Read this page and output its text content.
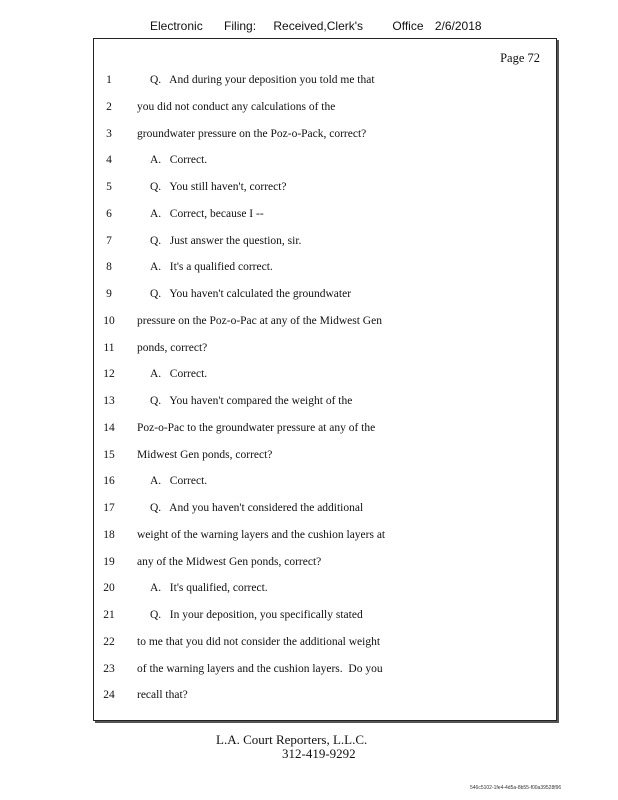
Electronic Filing: Received,Clerk's Office 2/6/2018
Page 72
1	Q.   And during your deposition you told me that
2	you did not conduct any calculations of the
3	groundwater pressure on the Poz-o-Pack, correct?
4	A.   Correct.
5	Q.   You still haven't, correct?
6	A.   Correct, because I --
7	Q.   Just answer the question, sir.
8	A.   It's a qualified correct.
9	Q.   You haven't calculated the groundwater
10 pressure on the Poz-o-Pac at any of the Midwest Gen
11 ponds, correct?
12	A.   Correct.
13	Q.   You haven't compared the weight of the
14 Poz-o-Pac to the groundwater pressure at any of the
15 Midwest Gen ponds, correct?
16	A.   Correct.
17	Q.   And you haven't considered the additional
18 weight of the warning layers and the cushion layers at
19 any of the Midwest Gen ponds, correct?
20	A.   It's qualified, correct.
21	Q.   In your deposition, you specifically stated
22 to me that you did not consider the additional weight
23 of the warning layers and the cushion layers.  Do you
24 recall that?
L.A. Court Reporters, L.L.C.
312-419-9292
546c5102-1fe4-4d5a-8b55-f00a39528f96
